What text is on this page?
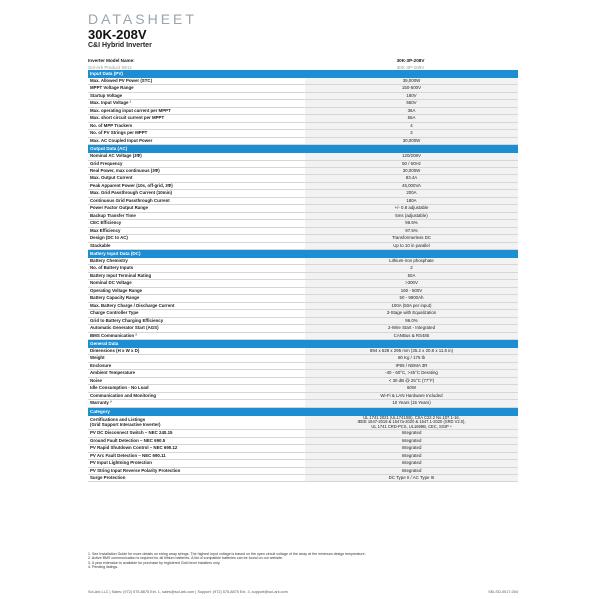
DATASHEET
30K-208V
C&I Hybrid Inverter
Inverter Model Name:	30K-3P-208V
Sol-Ark Product SKU:	30K-3P-208V
Input Data (PV)
Max. Allowed PV Power (STC)	39,000W
MPPT Voltage Range	150-500V
Startup Voltage	180V
Max. Input Voltage ¹	550V
Max. operating input current per MPPT	36A
Max. short circuit current per MPPT	55A
No. of MPP Trackers	4
No. of PV Strings per MPPT	2
Max. AC Coupled Input Power	30,000W
Output Data (AC)
Nominal AC Voltage (3Φ)	120/208V
Grid Frequency	50 / 60Hz
Real Power, max continuous (3Φ)	30,000W
Max. Output Current	83.4A
Peak Apparent Power (10s, off-grid, 3Φ)	45,000VA
Max. Grid Passthrough Current (10min)	200A
Continuous Grid Passthrough Current	180A
Power Factor Output Range	+/- 0.8 adjustable
Backup Transfer Time	5ms (adjustable)
CEC Efficiency	96.5%
Max Efficiency	97.5%
Design (DC to AC)	Transformerless DC
Stackable	Up to 10 in parallel
Battery Input Data (DC)
Battery Chemistry	Lithium-iron phosphate
No. of Battery Inputs	2
Battery Input Terminal Rating	50A
Nominal DC Voltage	>300V
Operating Voltage Range	160 - 500V
Battery Capacity Range	50 - 9900Ah
Max. Battery Charge / Discharge Current	100A (50A per input)
Charge Controller Type	3-Stage with Equalization
Grid to Battery Charging Efficiency	96.0%
Automatic Generator Start (AGS)	2-Wire Start - Integrated
BMS Communication ²	CANBus & RS485
General Data
Dimensions (H x W x D)	894 x 528 x 295 mm (35.2 x 20.8 x 11.6 in)
Weight	80 Kg / 176 lb
Enclosure	IP65 / NEMA 3R
Ambient Temperature	-40 - 60°C, >45°C Derating
Noise	< 30 dB @ 25°C (77°F)
Idle Consumption - No Load	60W
Communication and Monitoring	Wi-Fi & LAN Hardware Included
Warranty ³	10 Years (15 Years)
Category
Certifications and Listings
(Grid Support Interactive Inverter)
UL 1741 2021 (UL1741SB), CSA C22.2 No.107.1-16,
IEEE 1547-2018 & 1547a-2020 & 1547.1-2020 (SRD V2.0),
UL 1741 CRD-PCS, UL1699B, CEC, SGIP ⁴
PV DC Disconnect Switch – NEC 240.15	Integrated
Ground Fault Detection – NEC 690.5	Integrated
PV Rapid Shutdown Control – NEC 690.12	Integrated
PV Arc Fault Detection – NEC 690.11	Integrated
PV Input Lightning Protection	Integrated
PV String Input Reverse Polarity Protection	Integrated
Surge Protection	DC Type II / AC Type III
1. See Installation Guide for more details on string array strings. The highest input voltage is based on the open circuit voltage of the array at the minimum design temperature.
2. Active BMS communication is required for all lithium batteries. A list of compatible batteries can be found on our website.
3. 5 year extension is available for purchase by registered Gold level installers only.
4. Pending listings.
Sol-Ark LLC | Sales: (972) 575-8875 Ext. 1, sales@sol-ark.com | Support: (972) 575-8875 Ext. 3, support@sol-ark.com	SKLSD-0017-004
